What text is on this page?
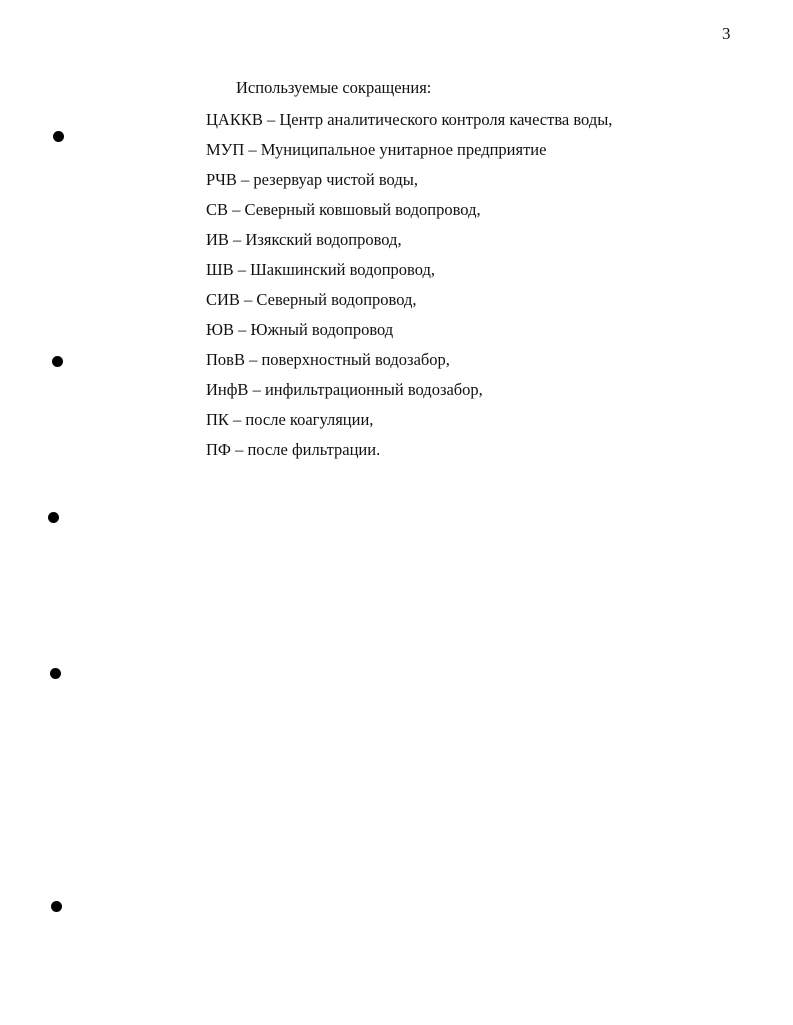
3
Используемые сокращения:
ЦАККВ – Центр аналитического контроля качества воды,
МУП – Муниципальное унитарное предприятие
РЧВ – резервуар чистой воды,
СВ – Северный ковшовый водопровод,
ИВ – Изякский водопровод,
ШВ – Шакшинский водопровод,
СИВ – Северный водопровод,
ЮВ – Южный водопровод
ПовВ – поверхностный водозабор,
ИнфВ – инфильтрационный водозабор,
ПК – после коагуляции,
ПФ – после фильтрации.
